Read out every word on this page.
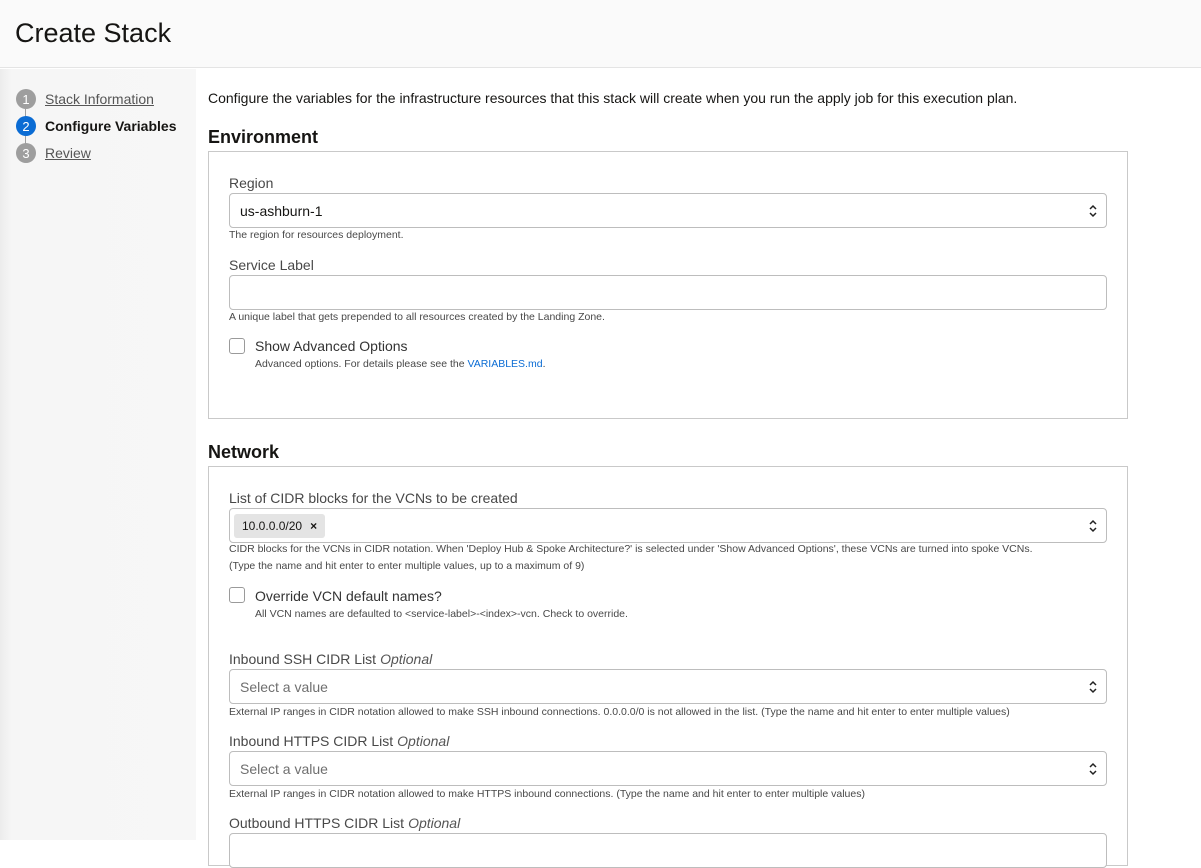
Create Stack
1	Stack Information
2	Configure Variables
3	Review
Configure the variables for the infrastructure resources that this stack will create when you run the apply job for this execution plan.
Environment
Region
us-ashburn-1
The region for resources deployment.
Service Label
A unique label that gets prepended to all resources created by the Landing Zone.
Show Advanced Options
Advanced options. For details please see the VARIABLES.md.
Network
List of CIDR blocks for the VCNs to be created
10.0.0.0/20 ×
CIDR blocks for the VCNs in CIDR notation. When 'Deploy Hub & Spoke Architecture?' is selected under 'Show Advanced Options', these VCNs are turned into spoke VCNs.
(Type the name and hit enter to enter multiple values, up to a maximum of 9)
Override VCN default names?
All VCN names are defaulted to <service-label>-<index>-vcn. Check to override.
Inbound SSH CIDR List Optional
Select a value
External IP ranges in CIDR notation allowed to make SSH inbound connections. 0.0.0.0/0 is not allowed in the list. (Type the name and hit enter to enter multiple values)
Inbound HTTPS CIDR List Optional
Select a value
External IP ranges in CIDR notation allowed to make HTTPS inbound connections. (Type the name and hit enter to enter multiple values)
Outbound HTTPS CIDR List Optional
